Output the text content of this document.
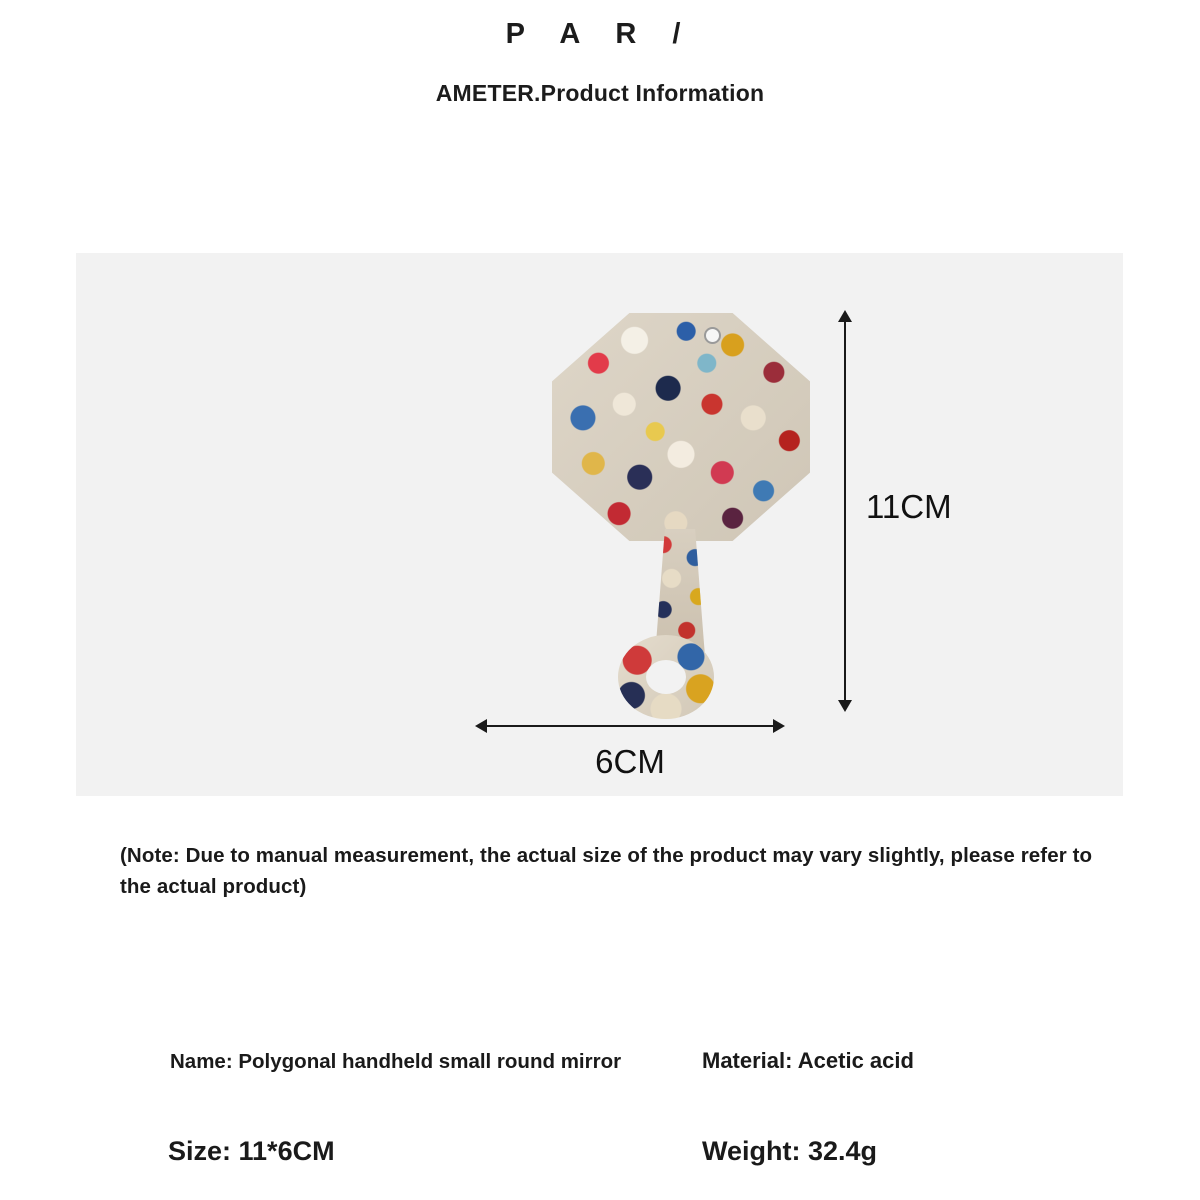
P A R /
AMETER.Product Information
11CM
6CM
(Note: Due to manual measurement, the actual size of the product may vary slightly, please refer to the actual product)
Name: Polygonal handheld small round mirror	Material: Acetic acid
Size: 11*6CM	Weight: 32.4g
